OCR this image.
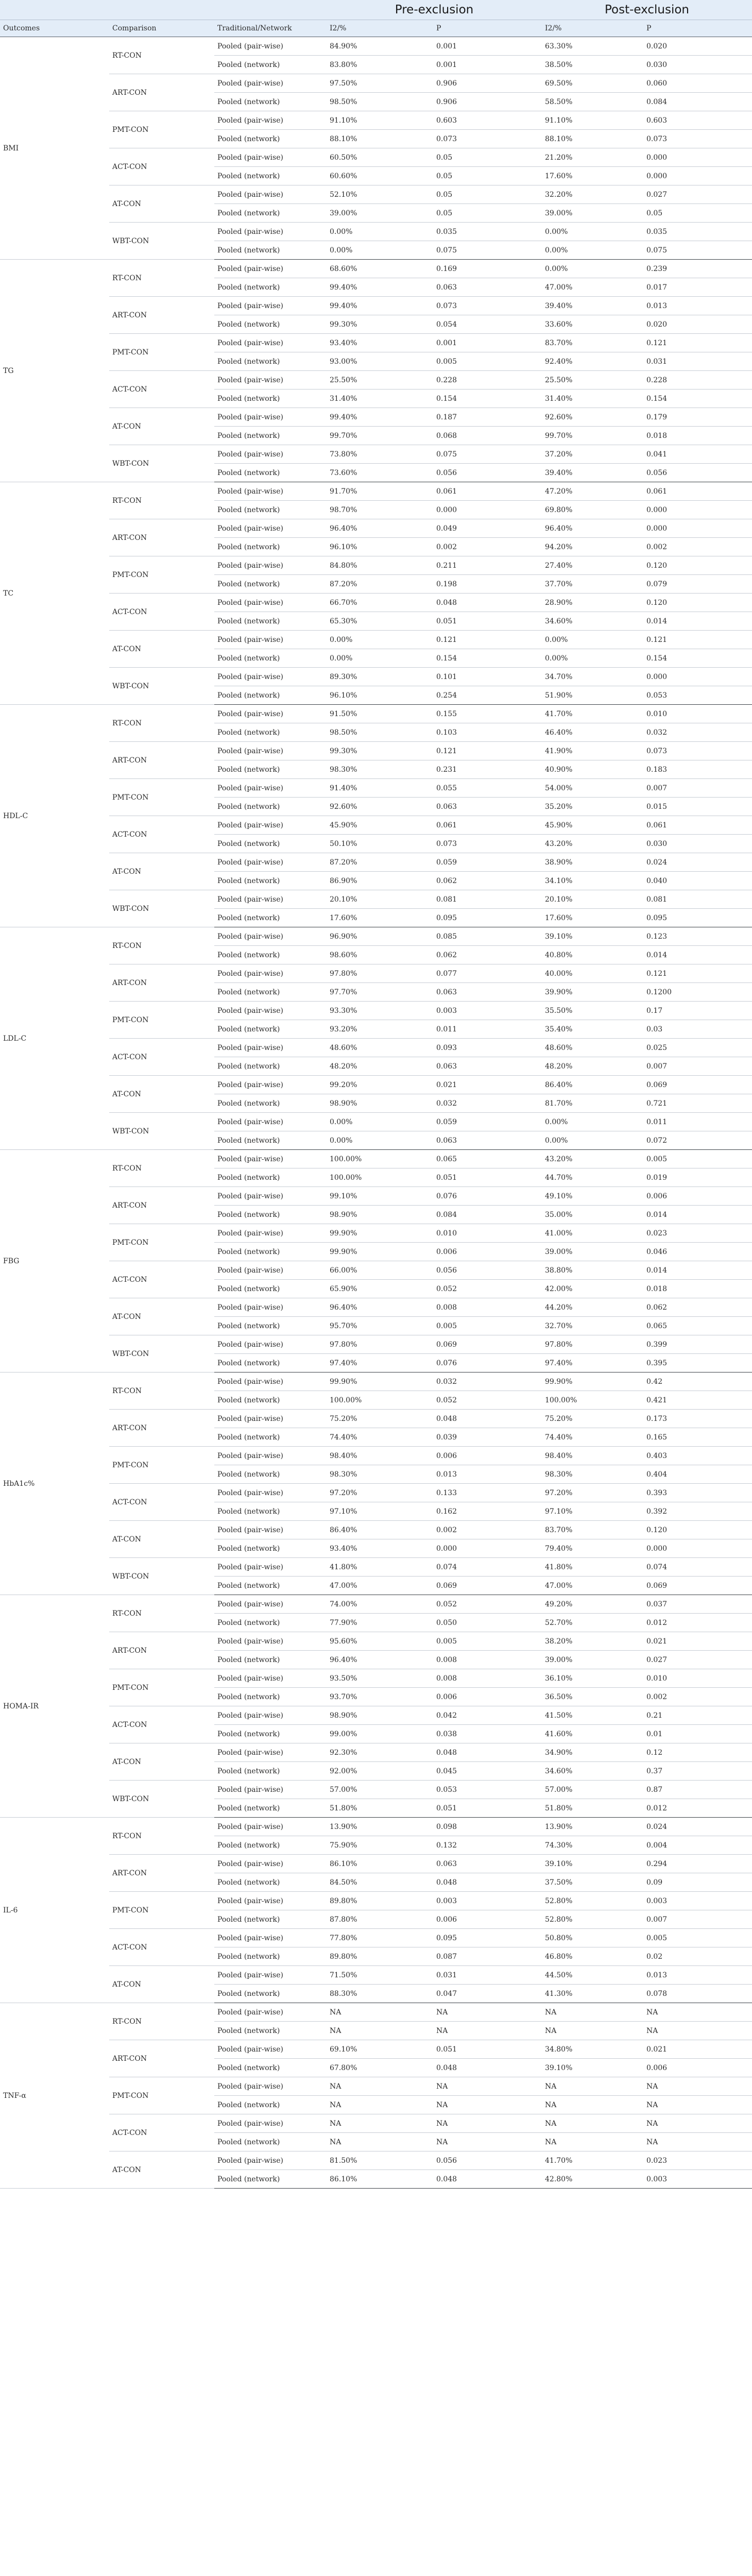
			Pre-exclusion		Post-exclusion	
Outcomes	Comparison	Traditional/Network	I2/%	P	I2/%	P
BMI	RT-CON	Pooled (pair-wise)	84.90%	0.001	63.30%	0.020
		Pooled (network)	83.80%	0.001	38.50%	0.030
	ART-CON	Pooled (pair-wise)	97.50%	0.906	69.50%	0.060
		Pooled (network)	98.50%	0.906	58.50%	0.084
	PMT-CON	Pooled (pair-wise)	91.10%	0.603	91.10%	0.603
		Pooled (network)	88.10%	0.073	88.10%	0.073
	ACT-CON	Pooled (pair-wise)	60.50%	0.05	21.20%	0.000
		Pooled (network)	60.60%	0.05	17.60%	0.000
	AT-CON	Pooled (pair-wise)	52.10%	0.05	32.20%	0.027
		Pooled (network)	39.00%	0.05	39.00%	0.05
	WBT-CON	Pooled (pair-wise)	0.00%	0.035	0.00%	0.035
		Pooled (network)	0.00%	0.075	0.00%	0.075
TG	RT-CON	Pooled (pair-wise)	68.60%	0.169	0.00%	0.239
		Pooled (network)	99.40%	0.063	47.00%	0.017
	ART-CON	Pooled (pair-wise)	99.40%	0.073	39.40%	0.013
		Pooled (network)	99.30%	0.054	33.60%	0.020
	PMT-CON	Pooled (pair-wise)	93.40%	0.001	83.70%	0.121
		Pooled (network)	93.00%	0.005	92.40%	0.031
	ACT-CON	Pooled (pair-wise)	25.50%	0.228	25.50%	0.228
		Pooled (network)	31.40%	0.154	31.40%	0.154
	AT-CON	Pooled (pair-wise)	99.40%	0.187	92.60%	0.179
		Pooled (network)	99.70%	0.068	99.70%	0.018
	WBT-CON	Pooled (pair-wise)	73.80%	0.075	37.20%	0.041
		Pooled (network)	73.60%	0.056	39.40%	0.056
TC	RT-CON	Pooled (pair-wise)	91.70%	0.061	47.20%	0.061
		Pooled (network)	98.70%	0.000	69.80%	0.000
	ART-CON	Pooled (pair-wise)	96.40%	0.049	96.40%	0.000
		Pooled (network)	96.10%	0.002	94.20%	0.002
	PMT-CON	Pooled (pair-wise)	84.80%	0.211	27.40%	0.120
		Pooled (network)	87.20%	0.198	37.70%	0.079
	ACT-CON	Pooled (pair-wise)	66.70%	0.048	28.90%	0.120
		Pooled (network)	65.30%	0.051	34.60%	0.014
	AT-CON	Pooled (pair-wise)	0.00%	0.121	0.00%	0.121
		Pooled (network)	0.00%	0.154	0.00%	0.154
	WBT-CON	Pooled (pair-wise)	89.30%	0.101	34.70%	0.000
		Pooled (network)	96.10%	0.254	51.90%	0.053
HDL-C	RT-CON	Pooled (pair-wise)	91.50%	0.155	41.70%	0.010
		Pooled (network)	98.50%	0.103	46.40%	0.032
	ART-CON	Pooled (pair-wise)	99.30%	0.121	41.90%	0.073
		Pooled (network)	98.30%	0.231	40.90%	0.183
	PMT-CON	Pooled (pair-wise)	91.40%	0.055	54.00%	0.007
		Pooled (network)	92.60%	0.063	35.20%	0.015
	ACT-CON	Pooled (pair-wise)	45.90%	0.061	45.90%	0.061
		Pooled (network)	50.10%	0.073	43.20%	0.030
	AT-CON	Pooled (pair-wise)	87.20%	0.059	38.90%	0.024
		Pooled (network)	86.90%	0.062	34.10%	0.040
	WBT-CON	Pooled (pair-wise)	20.10%	0.081	20.10%	0.081
		Pooled (network)	17.60%	0.095	17.60%	0.095
LDL-C	RT-CON	Pooled (pair-wise)	96.90%	0.085	39.10%	0.123
		Pooled (network)	98.60%	0.062	40.80%	0.014
	ART-CON	Pooled (pair-wise)	97.80%	0.077	40.00%	0.121
		Pooled (network)	97.70%	0.063	39.90%	0.1200
	PMT-CON	Pooled (pair-wise)	93.30%	0.003	35.50%	0.17
		Pooled (network)	93.20%	0.011	35.40%	0.03
	ACT-CON	Pooled (pair-wise)	48.60%	0.093	48.60%	0.025
		Pooled (network)	48.20%	0.063	48.20%	0.007
	AT-CON	Pooled (pair-wise)	99.20%	0.021	86.40%	0.069
		Pooled (network)	98.90%	0.032	81.70%	0.721
	WBT-CON	Pooled (pair-wise)	0.00%	0.059	0.00%	0.011
		Pooled (network)	0.00%	0.063	0.00%	0.072
FBG	RT-CON	Pooled (pair-wise)	100.00%	0.065	43.20%	0.005
		Pooled (network)	100.00%	0.051	44.70%	0.019
	ART-CON	Pooled (pair-wise)	99.10%	0.076	49.10%	0.006
		Pooled (network)	98.90%	0.084	35.00%	0.014
	PMT-CON	Pooled (pair-wise)	99.90%	0.010	41.00%	0.023
		Pooled (network)	99.90%	0.006	39.00%	0.046
	ACT-CON	Pooled (pair-wise)	66.00%	0.056	38.80%	0.014
		Pooled (network)	65.90%	0.052	42.00%	0.018
	AT-CON	Pooled (pair-wise)	96.40%	0.008	44.20%	0.062
		Pooled (network)	95.70%	0.005	32.70%	0.065
	WBT-CON	Pooled (pair-wise)	97.80%	0.069	97.80%	0.399
		Pooled (network)	97.40%	0.076	97.40%	0.395
HbA1c%	RT-CON	Pooled (pair-wise)	99.90%	0.032	99.90%	0.42
		Pooled (network)	100.00%	0.052	100.00%	0.421
	ART-CON	Pooled (pair-wise)	75.20%	0.048	75.20%	0.173
		Pooled (network)	74.40%	0.039	74.40%	0.165
	PMT-CON	Pooled (pair-wise)	98.40%	0.006	98.40%	0.403
		Pooled (network)	98.30%	0.013	98.30%	0.404
	ACT-CON	Pooled (pair-wise)	97.20%	0.133	97.20%	0.393
		Pooled (network)	97.10%	0.162	97.10%	0.392
	AT-CON	Pooled (pair-wise)	86.40%	0.002	83.70%	0.120
		Pooled (network)	93.40%	0.000	79.40%	0.000
	WBT-CON	Pooled (pair-wise)	41.80%	0.074	41.80%	0.074
		Pooled (network)	47.00%	0.069	47.00%	0.069
HOMA-IR	RT-CON	Pooled (pair-wise)	74.00%	0.052	49.20%	0.037
		Pooled (network)	77.90%	0.050	52.70%	0.012
	ART-CON	Pooled (pair-wise)	95.60%	0.005	38.20%	0.021
		Pooled (network)	96.40%	0.008	39.00%	0.027
	PMT-CON	Pooled (pair-wise)	93.50%	0.008	36.10%	0.010
		Pooled (network)	93.70%	0.006	36.50%	0.002
	ACT-CON	Pooled (pair-wise)	98.90%	0.042	41.50%	0.21
		Pooled (network)	99.00%	0.038	41.60%	0.01
	AT-CON	Pooled (pair-wise)	92.30%	0.048	34.90%	0.12
		Pooled (network)	92.00%	0.045	34.60%	0.37
	WBT-CON	Pooled (pair-wise)	57.00%	0.053	57.00%	0.87
		Pooled (network)	51.80%	0.051	51.80%	0.012
IL-6	RT-CON	Pooled (pair-wise)	13.90%	0.098	13.90%	0.024
		Pooled (network)	75.90%	0.132	74.30%	0.004
	ART-CON	Pooled (pair-wise)	86.10%	0.063	39.10%	0.294
		Pooled (network)	84.50%	0.048	37.50%	0.09
	PMT-CON	Pooled (pair-wise)	89.80%	0.003	52.80%	0.003
		Pooled (network)	87.80%	0.006	52.80%	0.007
	ACT-CON	Pooled (pair-wise)	77.80%	0.095	50.80%	0.005
		Pooled (network)	89.80%	0.087	46.80%	0.02
	AT-CON	Pooled (pair-wise)	71.50%	0.031	44.50%	0.013
		Pooled (network)	88.30%	0.047	41.30%	0.078
TNF-α	RT-CON	Pooled (pair-wise)	NA	NA	NA	NA
		Pooled (network)	NA	NA	NA	NA
	ART-CON	Pooled (pair-wise)	69.10%	0.051	34.80%	0.021
		Pooled (network)	67.80%	0.048	39.10%	0.006
	PMT-CON	Pooled (pair-wise)	NA	NA	NA	NA
		Pooled (network)	NA	NA	NA	NA
	ACT-CON	Pooled (pair-wise)	NA	NA	NA	NA
		Pooled (network)	NA	NA	NA	NA
	AT-CON	Pooled (pair-wise)	81.50%	0.056	41.70%	0.023
		Pooled (network)	86.10%	0.048	42.80%	0.003
